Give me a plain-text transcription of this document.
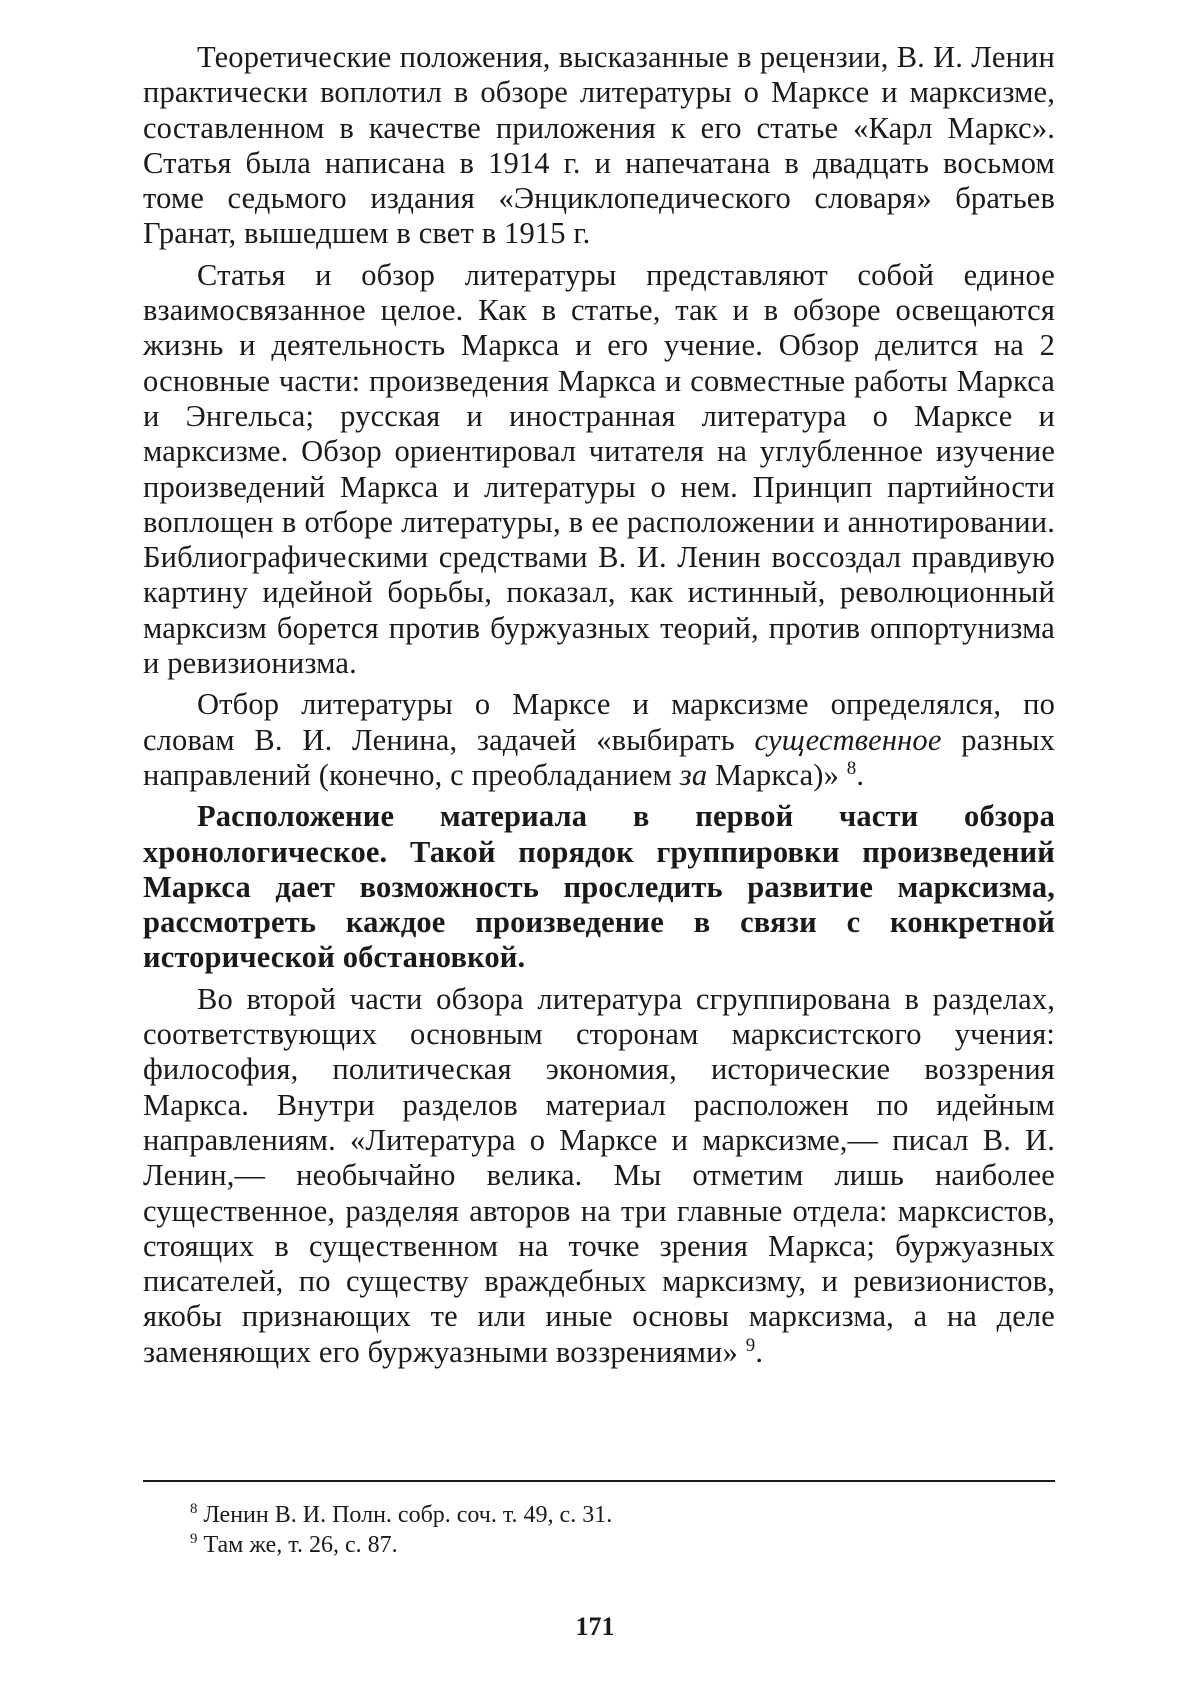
Теоретические положения, высказанные в рецензии, В. И. Ленин практически воплотил в обзоре литературы о Марксе и марксизме, составленном в качестве приложения к его статье «Карл Маркс». Статья была написана в 1914 г. и напечатана в двадцать восьмом томе седьмого издания «Энциклопедического словаря» братьев Гранат, вышедшем в свет в 1915 г.

Статья и обзор литературы представляют собой единое взаимосвязанное целое. Как в статье, так и в обзоре освещаются жизнь и деятельность Маркса и его учение. Обзор делится на 2 основные части: произведения Маркса и совместные работы Маркса и Энгельса; русская и иностранная литература о Марксе и марксизме. Обзор ориентировал читателя на углубленное изучение произведений Маркса и литературы о нем. Принцип партийности воплощен в отборе литературы, в ее расположении и аннотировании. Библиографическими средствами В. И. Ленин воссоздал правдивую картину идейной борьбы, показал, как истинный, революционный марксизм борется против буржуазных теорий, против оппортунизма и ревизионизма.

Отбор литературы о Марксе и марксизме определялся, по словам В. И. Ленина, задачей «выбирать существенное разных направлений (конечно, с преобладанием за Маркса)» $^8$.

Расположение материала в первой части обзора хронологическое. Такой порядок группировки произведений Маркса дает возможность проследить развитие марксизма, рассмотреть каждое произведение в связи с конкретной исторической обстановкой.

Во второй части обзора литература сгруппирована в разделах, соответствующих основным сторонам марксистского учения: философия, политическая экономия, исторические воззрения Маркса. Внутри разделов материал расположен по идейным направлениям. «Литература о Марксе и марксизме,— писал В. И. Ленин,— необычайно велика. Мы отметим лишь наиболее существенное, разделяя авторов на три главные отдела: марксистов, стоящих в существенном на точке зрения Маркса; буржуазных писателей, по существу враждебных марксизму, и ревизионистов, якобы признающих те или иные основы марксизма, а на деле заменяющих его буржуазными воззрениями» $^9$.

$^8$ Ленин В. И. Полн. собр. соч. т. 49, с. 31.

$^9$ Там же, т. 26, с. 87.

171
